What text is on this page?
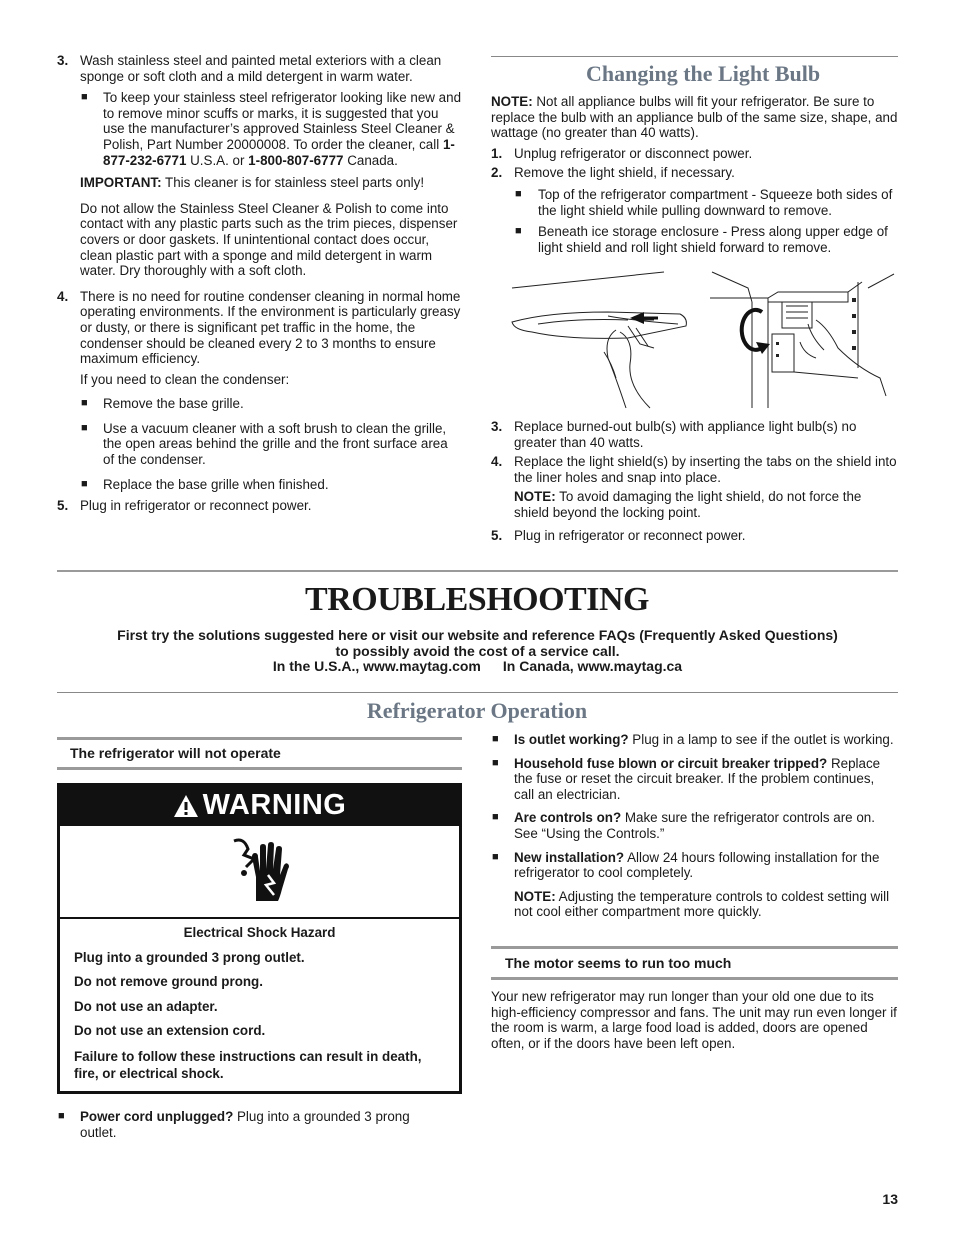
3. Wash stainless steel and painted metal exteriors with a clean sponge or soft cloth and a mild detergent in warm water.

■ To keep your stainless steel refrigerator looking like new and to remove minor scuffs or marks, it is suggested that you use the manufacturer’s approved Stainless Steel Cleaner & Polish, Part Number 20000008. To order the cleaner, call 1-877-232-6771 U.S.A. or 1-800-807-6777 Canada.

IMPORTANT: This cleaner is for stainless steel parts only!

Do not allow the Stainless Steel Cleaner & Polish to come into contact with any plastic parts such as the trim pieces, dispenser covers or door gaskets. If unintentional contact does occur, clean plastic part with a sponge and mild detergent in warm water. Dry thoroughly with a soft cloth.

4. There is no need for routine condenser cleaning in normal home operating environments. If the environment is particularly greasy or dusty, or there is significant pet traffic in the home, the condenser should be cleaned every 2 to 3 months to ensure maximum efficiency.

If you need to clean the condenser:

■ Remove the base grille.

■ Use a vacuum cleaner with a soft brush to clean the grille, the open areas behind the grille and the front surface area of the condenser.

■ Replace the base grille when finished.

5. Plug in refrigerator or reconnect power.

Changing the Light Bulb

NOTE: Not all appliance bulbs will fit your refrigerator. Be sure to replace the bulb with an appliance bulb of the same size, shape, and wattage (no greater than 40 watts).

1. Unplug refrigerator or disconnect power.

2. Remove the light shield, if necessary.

■ Top of the refrigerator compartment - Squeeze both sides of the light shield while pulling downward to remove.

■ Beneath ice storage enclosure - Press along upper edge of light shield and roll light shield forward to remove.

3. Replace burned-out bulb(s) with appliance light bulb(s) no greater than 40 watts.

4. Replace the light shield(s) by inserting the tabs on the shield into the liner holes and snap into place.

NOTE: To avoid damaging the light shield, do not force the shield beyond the locking point.

5. Plug in refrigerator or reconnect power.

TROUBLESHOOTING

First try the solutions suggested here or visit our website and reference FAQs (Frequently Asked Questions)

to possibly avoid the cost of a service call.

In the U.S.A., www.maytag.com In Canada, www.maytag.ca

Refrigerator Operation
The refrigerator will not operate
WARNING

Electrical Shock Hazard

Plug into a grounded 3 prong outlet.

Do not remove ground prong.

Do not use an adapter.

Do not use an extension cord.

Failure to follow these instructions can result in death, fire, or electrical shock.

■ Power cord unplugged? Plug into a grounded 3 prong outlet.

■ Is outlet working? Plug in a lamp to see if the outlet is working.

■ Household fuse blown or circuit breaker tripped? Replace the fuse or reset the circuit breaker. If the problem continues, call an electrician.

■ Are controls on? Make sure the refrigerator controls are on. See “Using the Controls.”

■ New installation? Allow 24 hours following installation for the refrigerator to cool completely.

NOTE: Adjusting the temperature controls to coldest setting will not cool either compartment more quickly.

The motor seems to run too much

Your new refrigerator may run longer than your old one due to its high-efficiency compressor and fans. The unit may run even longer if the room is warm, a large food load is added, doors are opened often, or if the doors have been left open.

13
